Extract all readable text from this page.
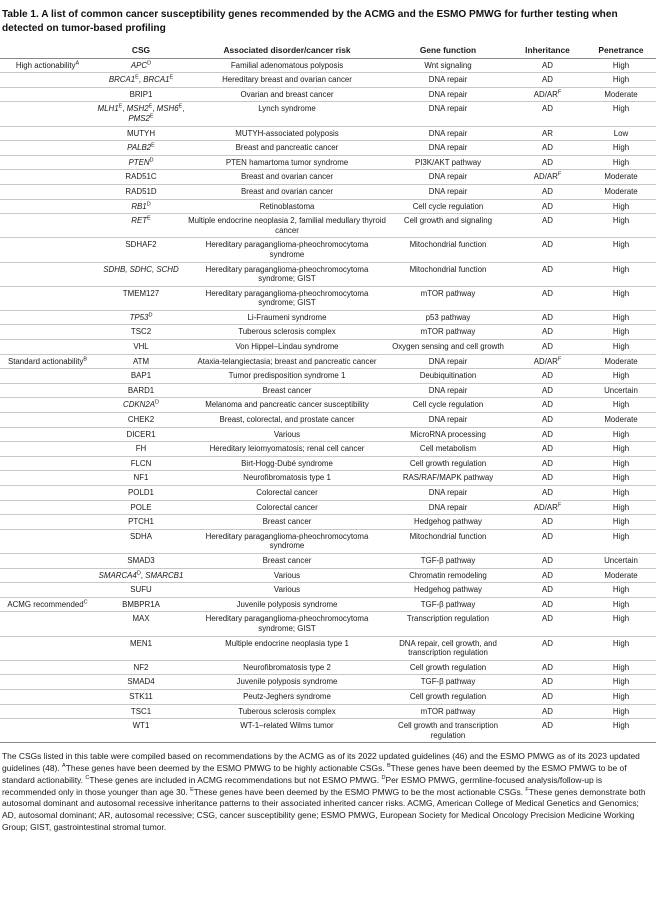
Table 1. A list of common cancer susceptibility genes recommended by the ACMG and the ESMO PMWG for further testing when detected on tumor-based profiling
	CSG	Associated disorder/cancer risk	Gene function	Inheritance	Penetrance
High actionability$^A$	$APC^D$	Familial adenomatous polyposis	Wnt signaling	AD	High
	$BRCA1^E$, $BRCA1^E$	Hereditary breast and ovarian cancer	DNA repair	AD	High
	BRIP1	Ovarian and breast cancer	DNA repair	$AD/AR^F$	Moderate
	$MLH1^E$, $MSH2^E$, $MSH6^E$, $PMS2^E$	Lynch syndrome	DNA repair	AD	High
	MUTYH	MUTYH-associated polyposis	DNA repair	AR	Low
	$PALB2^E$	Breast and pancreatic cancer	DNA repair	AD	High
	$PTEN^D$	PTEN hamartoma tumor syndrome	PI3K/AKT pathway	AD	High
	RAD51C	Breast and ovarian cancer	DNA repair	$AD/AR^F$	Moderate
	RAD51D	Breast and ovarian cancer	DNA repair	AD	Moderate
	$RB1^D$	Retinoblastoma	Cell cycle regulation	AD	High
	$RET^E$	Multiple endocrine neoplasia 2, familial medullary thyroid cancer	Cell growth and signaling	AD	High
	SDHAF2	Hereditary paraganglioma-pheochromocytoma syndrome	Mitochondrial function	AD	High
	SDHB, SDHC, SCHD	Hereditary paraganglioma-pheochromocytoma syndrome; GIST	Mitochondrial function	AD	High
	TMEM127	Hereditary paraganglioma-pheochromocytoma syndrome; GIST	mTOR pathway	AD	High
	$TP53^D$	Li-Fraumeni syndrome	p53 pathway	AD	High
	TSC2	Tuberous sclerosis complex	mTOR pathway	AD	High
	VHL	Von Hippel–Lindau syndrome	Oxygen sensing and cell growth	AD	High
Standard actionability$^B$	ATM	Ataxia-telangiectasia; breast and pancreatic cancer	DNA repair	$AD/AR^F$	Moderate
	BAP1	Tumor predisposition syndrome 1	Deubiquitination	AD	High
	BARD1	Breast cancer	DNA repair	AD	Uncertain
	$CDKN2A^D$	Melanoma and pancreatic cancer susceptibility	Cell cycle regulation	AD	High
	CHEK2	Breast, colorectal, and prostate cancer	DNA repair	AD	Moderate
	DICER1	Various	MicroRNA processing	AD	High
	FH	Hereditary leiomyomatosis; renal cell cancer	Cell metabolism	AD	High
	FLCN	Birt-Hogg-Dubé syndrome	Cell growth regulation	AD	High
	NF1	Neurofibromatosis type 1	RAS/RAF/MAPK pathway	AD	High
	POLD1	Colorectal cancer	DNA repair	AD	High
	POLE	Colorectal cancer	DNA repair	$AD/AR^F$	High
	PTCH1	Breast cancer	Hedgehog pathway	AD	High
	SDHA	Hereditary paraganglioma-pheochromocytoma syndrome	Mitochondrial function	AD	High
	SMAD3	Breast cancer	TGF-β pathway	AD	Uncertain
	$SMARCA4^D$, SMARCB1	Various	Chromatin remodeling	AD	Moderate
	SUFU	Various	Hedgehog pathway	AD	High
ACMG recommended$^C$	BMBPR1A	Juvenile polyposis syndrome	TGF-β pathway	AD	High
	MAX	Hereditary paraganglioma-pheochromocytoma syndrome; GIST	Transcription regulation	AD	High
	MEN1	Multiple endocrine neoplasia type 1	DNA repair, cell growth, and transcription regulation	AD	High
	NF2	Neurofibromatosis type 2	Cell growth regulation	AD	High
	SMAD4	Juvenile polyposis syndrome	TGF-β pathway	AD	High
	STK11	Peutz-Jeghers syndrome	Cell growth regulation	AD	High
	TSC1	Tuberous sclerosis complex	mTOR pathway	AD	High
	WT1	WT-1–related Wilms tumor	Cell growth and transcription regulation	AD	High
The CSGs listed in this table were compiled based on recommendations by the ACMG as of its 2022 updated guidelines (46) and the ESMO PMWG as of its 2023 updated guidelines (48). $^A$These genes have been deemed by the ESMO PMWG to be highly actionable CSGs. $^B$These genes have been deemed by the ESMO PMWG to be of standard actionability. $^C$These genes are included in ACMG recommendations but not ESMO PMWG. $^D$Per ESMO PMWG, germline-focused analysis/follow-up is recommended only in those younger than age 30. $^E$These genes have been deemed by the ESMO PMWG to be the most actionable CSGs. $^F$These genes demonstrate both autosomal dominant and autosomal recessive inheritance patterns to their associated inherited cancer risks. ACMG, American College of Medical Genetics and Genomics; AD, autosomal dominant; AR, autosomal recessive; CSG, cancer susceptibility gene; ESMO PMWG, European Society for Medical Oncology Precision Medicine Working Group; GIST, gastrointestinal stromal tumor.
